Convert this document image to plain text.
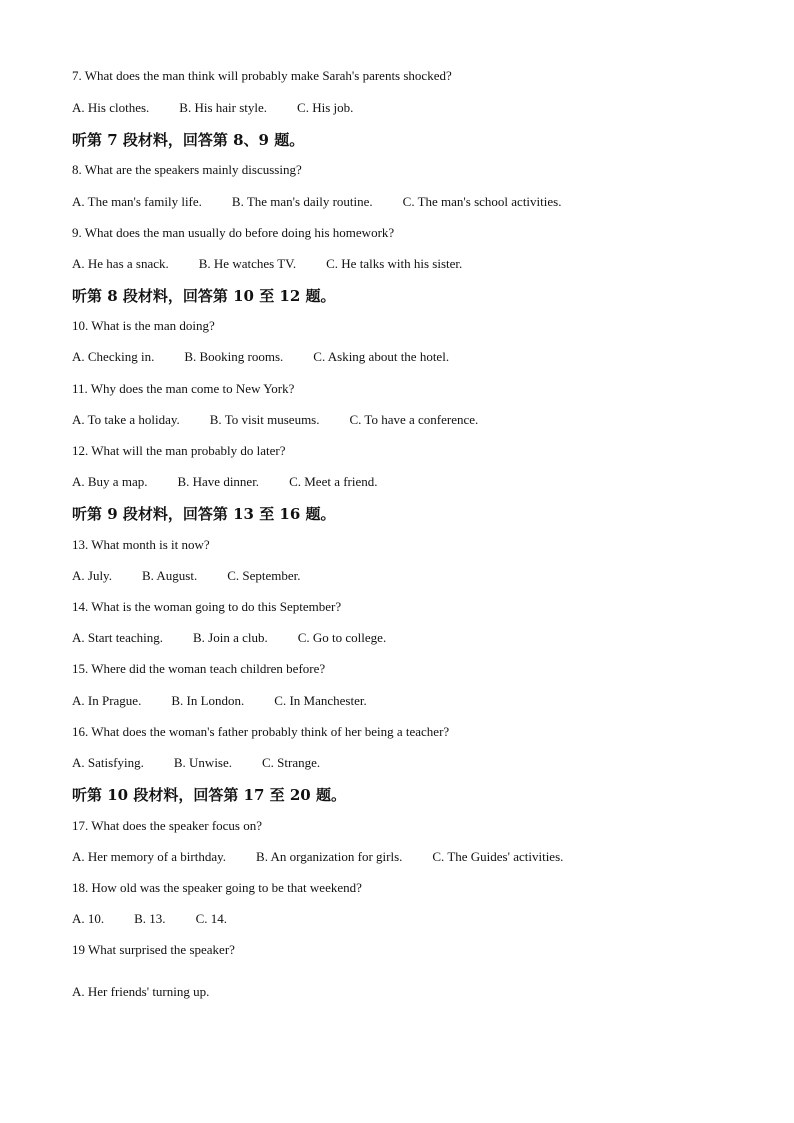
7. What does the man think will probably make Sarah's parents shocked?
A. His clothes. B. His hair style. C. His job.
听第 7 段材料，回答第 8、9 题。
8. What are the speakers mainly discussing?
A. The man's family life. B. The man's daily routine. C. The man's school activities.
9. What does the man usually do before doing his homework?
A. He has a snack. B. He watches TV. C. He talks with his sister.
听第 8 段材料，回答第 10 至 12 题。
10. What is the man doing?
A. Checking in. B. Booking rooms. C. Asking about the hotel.
11. Why does the man come to New York?
A. To take a holiday. B. To visit museums. C. To have a conference.
12. What will the man probably do later?
A. Buy a map. B. Have dinner. C. Meet a friend.
听第 9 段材料，回答第 13 至 16 题。
13. What month is it now?
A. July. B. August. C. September.
14. What is the woman going to do this September?
A. Start teaching. B. Join a club. C. Go to college.
15. Where did the woman teach children before?
A. In Prague. B. In London. C. In Manchester.
16. What does the woman's father probably think of her being a teacher?
A. Satisfying. B. Unwise. C. Strange.
听第 10 段材料，回答第 17 至 20 题。
17. What does the speaker focus on?
A. Her memory of a birthday. B. An organization for girls. C. The Guides' activities.
18. How old was the speaker going to be that weekend?
A. 10. B. 13. C. 14.
19 What surprised the speaker?
A. Her friends' turning up.
